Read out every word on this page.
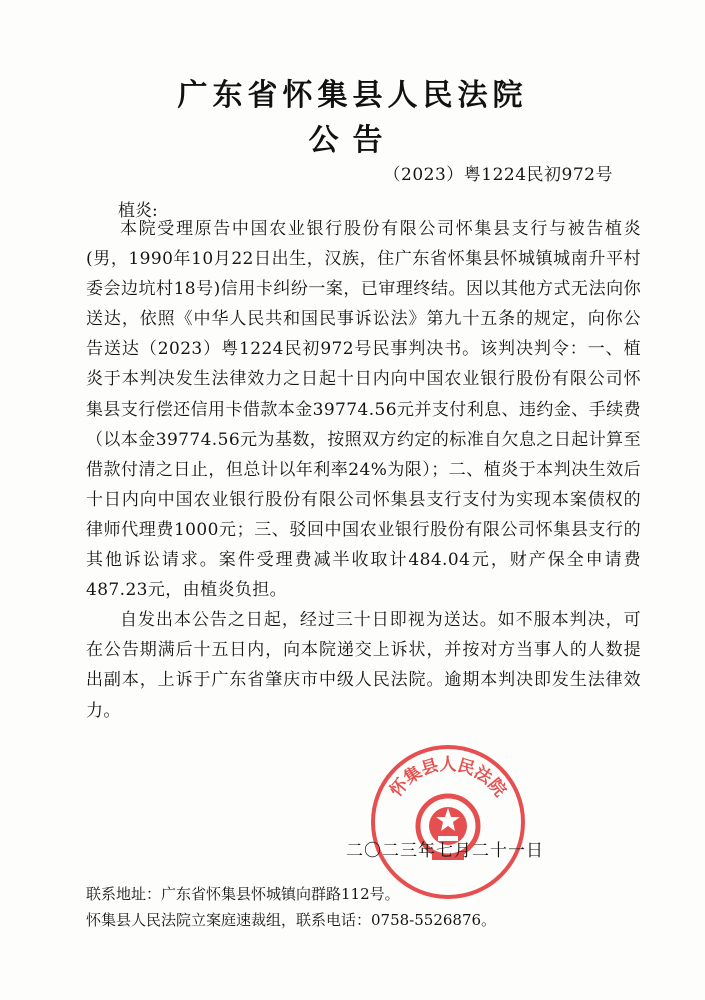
广东省怀集县人民法院
公告
（2023）粤1224民初972号
植炎:

本院受理原告中国农业银行股份有限公司怀集县支行与被告植炎(男，1990年10月22日出生，汉族，住广东省怀集县怀城镇城南升平村委会边坑村18号)信用卡纠纷一案，已审理终结。因以其他方式无法向你送达，依照《中华人民共和国民事诉讼法》第九十五条的规定，向你公告送达（2023）粤1224民初972号民事判决书。该判决判令：一、植炎于本判决发生法律效力之日起十日内向中国农业银行股份有限公司怀集县支行偿还信用卡借款本金39774.56元并支付利息、违约金、手续费（以本金39774.56元为基数，按照双方约定的标准自欠息之日起计算至借款付清之日止，但总计以年利率24%为限）；二、植炎于本判决生效后十日内向中国农业银行股份有限公司怀集县支行支付为实现本案债权的律师代理费1000元；三、驳回中国农业银行股份有限公司怀集县支行的其他诉讼请求。案件受理费减半收取计484.04元，财产保全申请费487.23元，由植炎负担。

自发出本公告之日起，经过三十日即视为送达。如不服本判决，可在公告期满后十五日内，向本院递交上诉状，并按对方当事人的人数提出副本，上诉于广东省肇庆市中级人民法院。逾期本判决即发生法律效力。

怀集县人民法院
二〇二三年七月二十一日
联系地址：广东省怀集县怀城镇向群路112号。
怀集县人民法院立案庭速裁组，联系电话：0758-5526876。
